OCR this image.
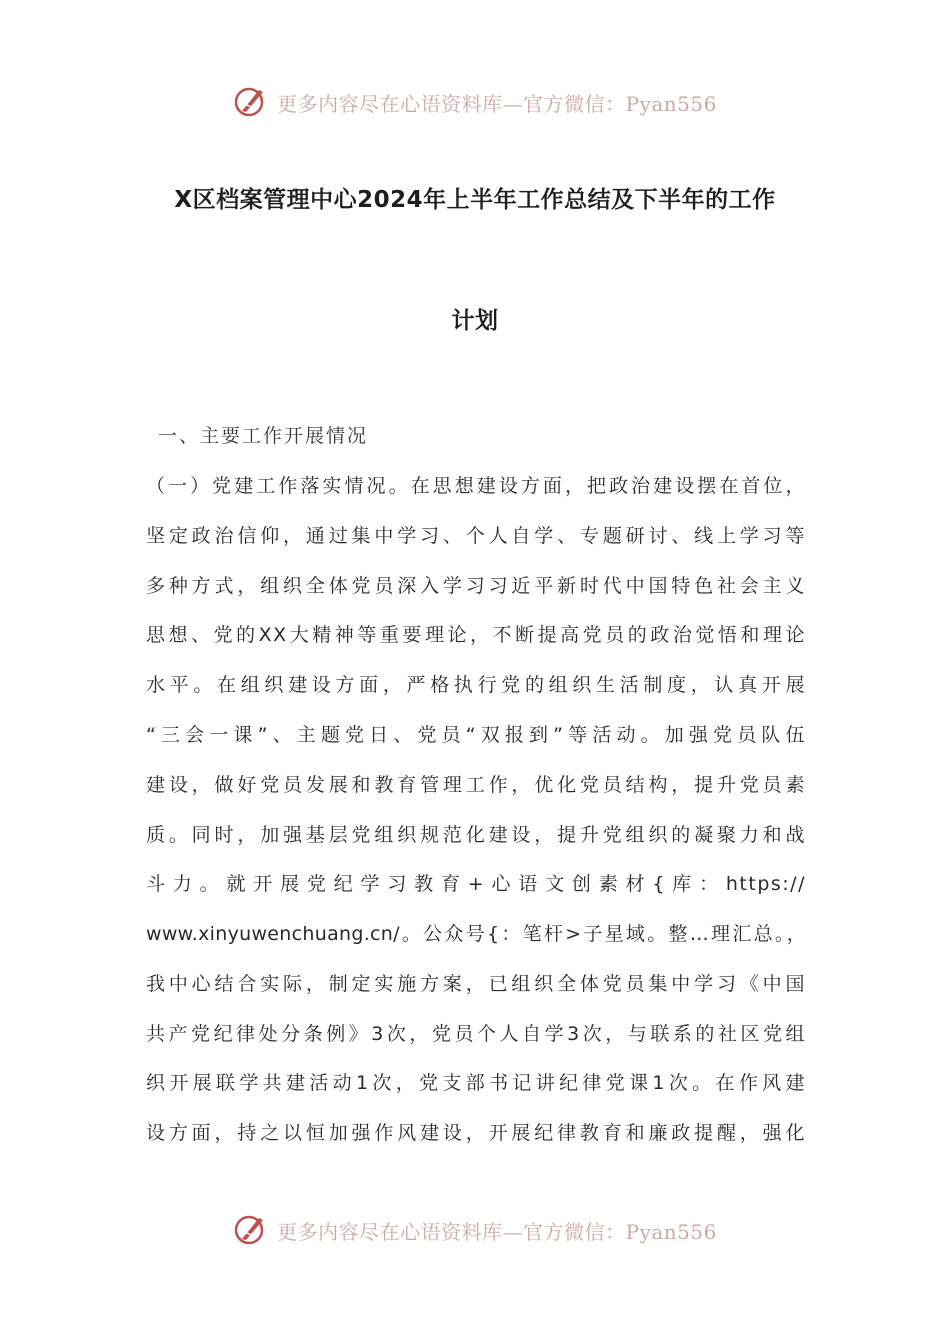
更多内容尽在心语资料库—官方微信：Pyan556
X区档案管理中心2024年上半年工作总结及下半年的工作
计划
一、主要工作开展情况
（一）党建工作落实情况。在思想建设方面，把政治建设摆在首位，
坚定政治信仰，通过集中学习、个人自学、专题研讨、线上学习等
多种方式，组织全体党员深入学习习近平新时代中国特色社会主义
思想、党的XX大精神等重要理论，不断提高党员的政治觉悟和理论
水平。在组织建设方面，严格执行党的组织生活制度，认真开展
“三会一课”、主题党日、党员“双报到”等活动。加强党员队伍
建设，做好党员发展和教育管理工作，优化党员结构，提升党员素
质。同时，加强基层党组织规范化建设，提升党组织的凝聚力和战
斗力。就开展党纪学习教育+心语文创素材{库：https://
www.xinyuwenchuang.cn/。公众号{：笔杆>子星域。整…理汇总。，
我中心结合实际，制定实施方案，已组织全体党员集中学习《中国
共产党纪律处分条例》3次，党员个人自学3次，与联系的社区党组
织开展联学共建活动1次，党支部书记讲纪律党课1次。在作风建
设方面，持之以恒加强作风建设，开展纪律教育和廉政提醒，强化
更多内容尽在心语资料库—官方微信：Pyan556
